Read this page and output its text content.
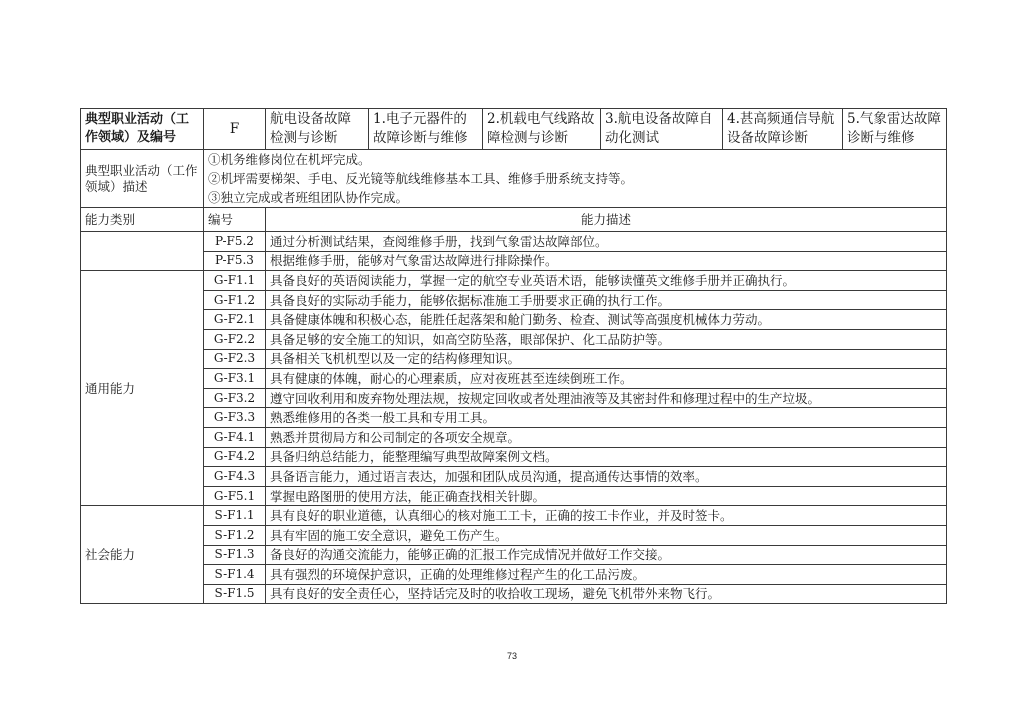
典型职业活动（工作领域）及编号	F	航电设备故障检测与诊断	1.电子元器件的故障诊断与维修	2.机载电气线路故障检测与诊断	3.航电设备故障自动化测试	4.甚高频通信导航设备故障诊断	5.气象雷达故障诊断与维修
典型职业活动（工作领域）描述	①机务维修岗位在机坪完成。
②机坪需要梯架、手电、反光镜等航线维修基本工具、维修手册系统支持等。
③独立完成或者班组团队协作完成。						

能力类别	编号	能力描述					
	P-F5.2	通过分析测试结果，查阅维修手册，找到气象雷达故障部位。					
	P-F5.3	根据维修手册，能够对气象雷达故障进行排除操作。					
通用能力	G-F1.1	具备良好的英语阅读能力，掌握一定的航空专业英语术语，能够读懂英文维修手册并正确执行。					
	G-F1.2	具备良好的实际动手能力，能够依据标准施工手册要求正确的执行工作。					
	G-F2.1	具备健康体魄和积极心态，能胜任起落架和舱门勤务、检查、测试等高强度机械体力劳动。					
	G-F2.2	具备足够的安全施工的知识，如高空防坠落，眼部保护、化工品防护等。					
	G-F2.3	具备相关飞机机型以及一定的结构修理知识。					
	G-F3.1	具有健康的体魄，耐心的心理素质，应对夜班甚至连续倒班工作。					
	G-F3.2	遵守回收利用和废弃物处理法规，按规定回收或者处理油液等及其密封件和修理过程中的生产垃圾。					
	G-F3.3	熟悉维修用的各类一般工具和专用工具。					
	G-F4.1	熟悉并贯彻局方和公司制定的各项安全规章。					
	G-F4.2	具备归纳总结能力，能整理编写典型故障案例文档。					
	G-F4.3	具备语言能力，通过语言表达，加强和团队成员沟通，提高通传达事情的效率。					
	G-F5.1	掌握电路图册的使用方法，能正确查找相关针脚。					
社会能力	S-F1.1	具有良好的职业道德，认真细心的核对施工工卡，正确的按工卡作业，并及时签卡。					
	S-F1.2	具有牢固的施工安全意识，避免工伤产生。					
	S-F1.3	备良好的沟通交流能力，能够正确的汇报工作完成情况并做好工作交接。					
	S-F1.4	具有强烈的环境保护意识，正确的处理维修过程产生的化工品污废。					
	S-F1.5	具有良好的安全责任心，坚持话完及时的收拾收工现场，避免飞机带外来物飞行。					
73
